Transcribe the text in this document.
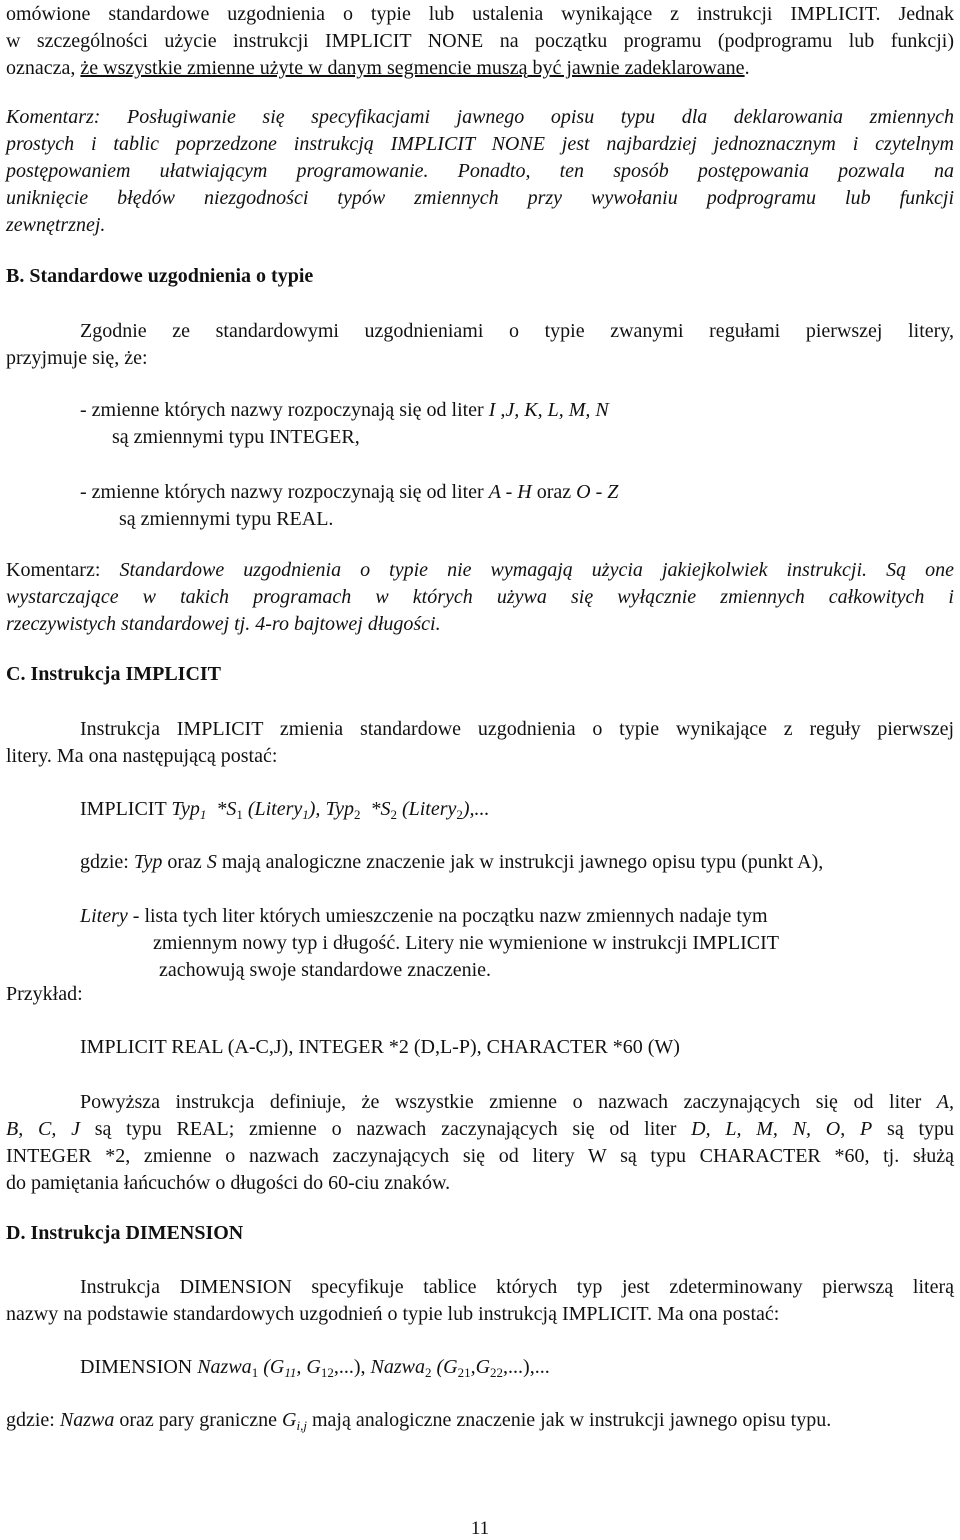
omówione standardowe uzgodnienia o typie lub ustalenia wynikające z instrukcji IMPLICIT. Jednak
w szczególności użycie instrukcji IMPLICIT NONE na początku programu (podprogramu lub funkcji)
oznacza, że wszystkie zmienne użyte w danym segmencie muszą być jawnie zadeklarowane.
Komentarz: Posługiwanie się specyfikacjami jawnego opisu typu dla deklarowania zmiennych
prostych i tablic poprzedzone instrukcją IMPLICIT NONE jest najbardziej jednoznacznym i czytelnym
postępowaniem ułatwiającym programowanie. Ponadto, ten sposób postępowania pozwala na
uniknięcie błędów niezgodności typów zmiennych przy wywołaniu podprogramu lub funkcji
zewnętrznej.
B. Standardowe uzgodnienia o typie
Zgodnie ze standardowymi uzgodnieniami o typie zwanymi regułami pierwszej litery,
przyjmuje się, że:
- zmienne których nazwy rozpoczynają się od liter I ,J, K, L, M, N
są zmiennymi typu INTEGER,
- zmienne których nazwy rozpoczynają się od liter A - H oraz O - Z
są zmiennymi typu REAL.
Komentarz: Standardowe uzgodnienia o typie nie wymagają użycia jakiejkolwiek instrukcji. Są one
wystarczające w takich programach w których używa się wyłącznie zmiennych całkowitych i
rzeczywistych standardowej tj. 4-ro bajtowej długości.
C. Instrukcja IMPLICIT
Instrukcja IMPLICIT zmienia standardowe uzgodnienia o typie wynikające z reguły pierwszej
litery. Ma ona następującą postać:
IMPLICIT Typ$_1$ $*S_1$ (Litery$_1$), Typ$_2$ $*S_2$ (Litery$_2$),...
gdzie: Typ oraz S mają analogiczne znaczenie jak w instrukcji jawnego opisu typu (punkt A),
Litery - lista tych liter których umieszczenie na początku nazw zmiennych nadaje tym
zmiennym nowy typ i długość. Litery nie wymienione w instrukcji IMPLICIT
zachowują swoje standardowe znaczenie.
Przykład:
IMPLICIT REAL (A-C,J), INTEGER *2 (D,L-P), CHARACTER *60 (W)
Powyższa instrukcja definiuje, że wszystkie zmienne o nazwach zaczynających się od liter A,
B, C, J są typu REAL; zmienne o nazwach zaczynających się od liter D, L, M, N, O, P są typu
INTEGER *2, zmienne o nazwach zaczynających się od litery W są typu CHARACTER *60, tj. służą
do pamiętania łańcuchów o długości do 60-ciu znaków.
D. Instrukcja DIMENSION
Instrukcja DIMENSION specyfikuje tablice których typ jest zdeterminowany pierwszą literą
nazwy na podstawie standardowych uzgodnień o typie lub instrukcją IMPLICIT. Ma ona postać:
DIMENSION Nazwa$_1$ ($G_{11}$, $G_{12}$,...), Nazwa$_2$ $(G_{21},G_{22},...)$,...
gdzie: Nazwa oraz pary graniczne $G_{i,j}$ mają analogiczne znaczenie jak w instrukcji jawnego opisu typu.
11
